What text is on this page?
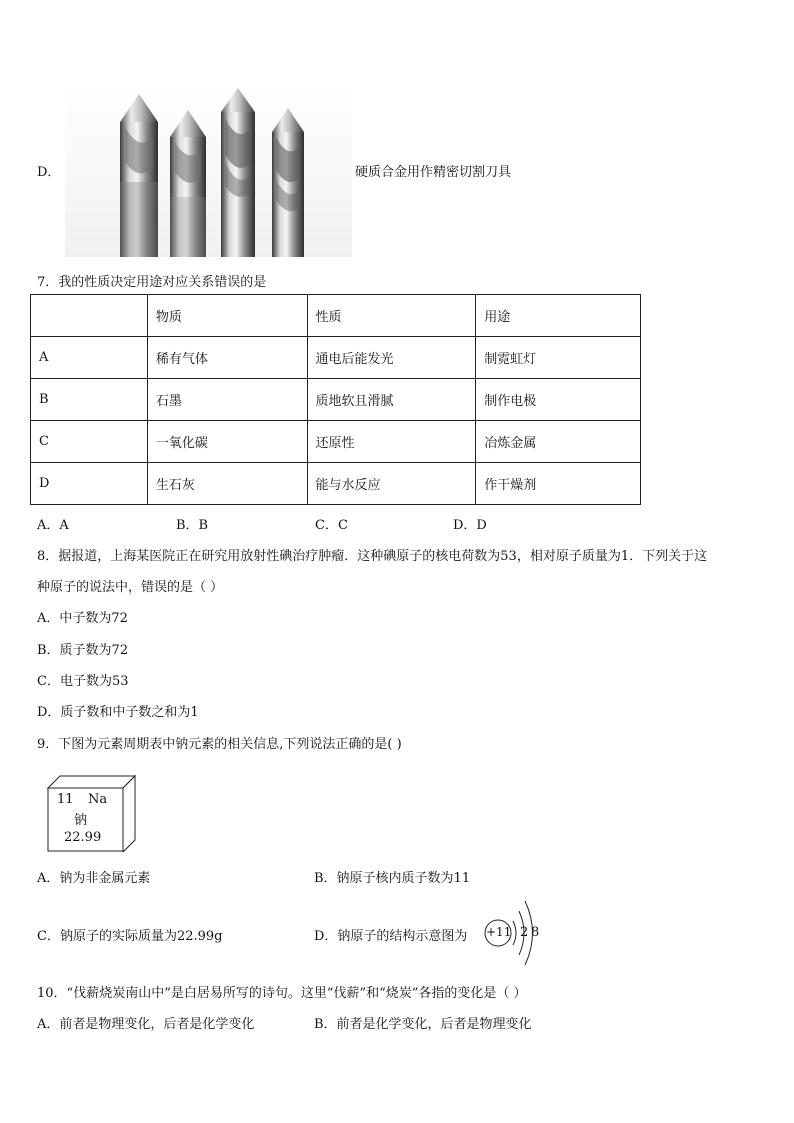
D．	硬质合金用作精密切割刀具
7．我的性质决定用途对应关系错误的是
	物质	性质	用途
A	稀有气体	通电后能发光	制霓虹灯
B	石墨	质地软且滑腻	制作电极
C	一氧化碳	还原性	冶炼金属
D	生石灰	能与水反应	作干燥剂
A．A	B．B	C．C	D．D
8．据报道，上海某医院正在研究用放射性碘治疗肿瘤．这种碘原子的核电荷数为53，相对原子质量为1．下列关于这
种原子的说法中，错误的是（ ）
A．中子数为72
B．质子数为72
C．电子数为53
D．质子数和中子数之和为1
9．下图为元素周期表中钠元素的相关信息,下列说法正确的是( )
11 Na
钠
22.99
A．钠为非金属元素	B．钠原子核内质子数为11
C．钠原子的实际质量为22.99g	D．钠原子的结构示意图为 +11 2 8
10．“伐薪烧炭南山中”是白居易所写的诗句。这里“伐薪”和“烧炭”各指的变化是（ ）
A．前者是物理变化，后者是化学变化	B．前者是化学变化，后者是物理变化
